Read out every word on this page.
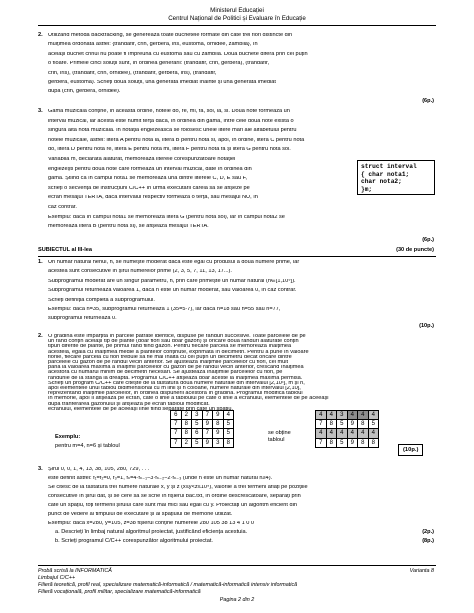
Ministerul Educației
Centrul Național de Politici și Evaluare în Educație
2. Utilizând metoda backtracking, se generează toate buchetele formate din câte trei flori distincte din
mulțimea ordonată astfel: {trandafir, crin, gerbera, iris, eustoma, orhidee, zambilă}, în
același buchet crinul nu poate fi împreună cu eustoma sau cu zambila. Două buchete diferă prin cel puțin
o floare. Primele cinci soluții sunt, în ordinea generării: (trandafir, crin, gerbera), (trandafir,
crin, iris), (trandafir, crin, orhidee), (trandafir, gerbera, iris), (trandafir,
gerbera, eustoma). Scrieți două soluții, una generată imediat înainte și una generată imediat
după (crin, gerbera, orhidee).
(6p.)
3. Gama muzicală conține, în această ordine, notele do, re, mi, fa, sol, la, si. Două note formează un
interval muzical, iar acesta este numit terță dacă, în ordinea din gamă, între cele două note există o
singură altă notă muzicală. În notația englezească se folosesc unele litere mari ale alfabetului pentru
notele muzicale, astfel: litera A pentru nota la, litera B pentru nota si, apoi, în ordine, litera C pentru nota
do, litera D pentru nota re, litera E pentru nota mi, litera F pentru nota fa și litera G pentru nota sol.
Variabila m, declarată alăturat, memorează literele corespunzătoare notației
englezești pentru două note care formează un interval muzical, date în ordinea din
gamă. Știind că în câmpul nota1 se memorează una dintre literele C, D, E sau F,
scrieți o secvență de instrucțiuni C/C++ în urma executării căreia să se afișeze pe
ecran mesajul TERTA, dacă intervalul respectiv formează o terță, sau mesajul NU, în
caz contrar.
Exemplu: dacă în câmpul nota1 se memorează litera G (pentru nota sol), iar în câmpul nota2 se
memorează litera B (pentru nota si), se afișează mesajul TERTA.
struct interval
{ char nota1;
char nota2;
}m;
(6p.)
SUBIECTUL al III-lea	(30 de puncte)
1. Un număr natural nenul, n, se numește moderat dacă este egal cu produsul a două numere prime, iar
acestea sunt consecutive în șirul numerelor prime (2, 3, 5, 7, 11, 13, 17...).
Subprogramul moderat are un singur parametru, n, prin care primește un număr natural (n∈[1,10⁹]).
Subprogramul returnează valoarea 1, dacă n este un număr moderat, sau valoarea 0, în caz contrar.
Scrieți definiția completă a subprogramului.
Exemplu: dacă n=35, subprogramul returnează 1 (35=5·7), iar dacă n=18 sau n=55 sau n=77,
subprogramul returnează 0.
(10p.)
2. O grădină este împărțită în parcele pătrate identice, dispuse pe rânduri succesive. Toate parcelele de pe
un rând conțin același tip de plante (doar flori sau doar gazon) și oricare două rânduri alăturate conțin
tipuri diferite de plante, pe primul rând fiind gazon. Pentru fiecare parcelă se memorează înălțimea
acesteia, egală cu înălțimea medie a plantelor conținute, exprimată în decimetri. Pentru a pune în valoare
florile, fiecare parcelă cu flori trebuie să fie mai înaltă cu cel puțin un decimetru decât oricare dintre
parcelele cu gazon de pe rândul vecin anterior. Se ajustează înălțimile parcelelor cu flori, cel mult
până la valoarea maximă a înălțimii parcelelor cu gazon de pe rândul vecin anterior, crescând înălțimea
acestora cu numărul minim de decimetri necesari. Se ajustează înălțimile parcelelor cu flori, pe
rândurile de la stânga la dreapta. Programul C/C++ afișează doar aceste la înălțimea maximă permisă.
Scrieți un program C/C++ care citește de la tastatură două numere naturale din intervalul [2,10²], m și n,
apoi elementele unui tablou bidimensional cu m linii și n coloane, numere naturale din intervalul [2,10],
reprezentând înălțimile parcelelor, în ordinea dispunerii acestora în grădină. Programul modifică tabloul
în memorie, apoi îl afișează pe ecran, câte o linie a tabloului pe câte o linie a ecranului, elementele de pe aceeași
după tranferarea gazonului și afișează pe ecran tabloul modificat.
ecranului, elementele de pe aceeași linie fiind separate prin câte un spațiu.
Exemplu:
pentru m=4, n=6 și tabloul
6	2	3	7	9	4
7	8	5	9	8	5
7	8	6	7	9	5
7	2	5	9	3	8
se obține tabloul
4	4	3	4	4	4
7	8	5	9	8	5
4	4	4	4	4	4
7	8	5	9	8	8
(10p.)
3. Șirul 0, 0, 1, 4, 13, 38, 105, 280, 729, . . .
este definit astfel: f₁=f₂=0, f₃=1, fₙ=4·fₙ₋₁−3·fₙ₋₂−2·fₙ₋₃ (unde n este un număr natural n≥4).
Se citesc de la tastatură trei numere naturale x, y și z (x≤y<z≤10⁹), valorile a trei termeni aflați pe pozițiile
consecutive în șirul dat, și se cere să se scrie în fișierul bac.txt, în ordine descrescătoare, separați prin
câte un spațiu, toți termenii șirului care sunt mai mici sau egali cu y. Proiectați un algoritm eficient din
punct de vedere al timpului de executare și al spațiului de memorie utilizat.
Exemplu: dacă x=280, y=105, z=38 fișierul conține numerele 280 105 38 13 4 1 0 0
a. Descrieți în limbaj natural algoritmul proiectat, justificând eficiența acestuia.	(2p.)
b. Scrieți programul C/C++ corespunzător algoritmului proiectat.	(8p.)
Probă scrisă la INFORMATICĂ	Varianta 8
Limbajul C/C++
Filieră teoretică, profil real, specializare matematică-informatică / matematică-informatică intensiv informatică
Filieră vocațională, profil militar, specializare matematică-informatică
Pagina 2 din 2
